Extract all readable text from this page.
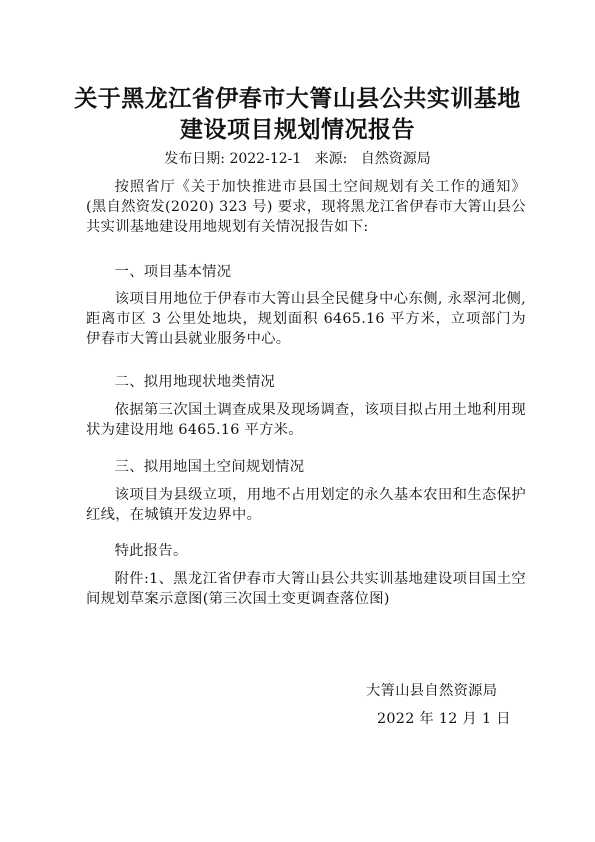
关于黑龙江省伊春市大箐山县公共实训基地
建设项目规划情况报告
发布日期: 2022-12-1 来源: 自然资源局

按照省厅《关于加快推进市县国土空间规划有关工作的通知》(黑自然资发(2020) 323 号) 要求，现将黑龙江省伊春市大箐山县公共实训基地建设用地规划有关情况报告如下:

一、项目基本情况

该项目用地位于伊春市大箐山县全民健身中心东侧, 永翠河北侧, 距离市区 3 公里处地块，规划面积 6465.16 平方米，立项部门为伊春市大箐山县就业服务中心。

二、拟用地现状地类情况

依据第三次国土调查成果及现场调查，该项目拟占用土地利用现状为建设用地 6465.16 平方米。

三、拟用地国土空间规划情况

该项目为县级立项，用地不占用划定的永久基本农田和生态保护红线，在城镇开发边界中。

特此报告。

附件:1、黑龙江省伊春市大箐山县公共实训基地建设项目国土空间规划草案示意图(第三次国土变更调查落位图)

大箐山县自然资源局
2022 年 12 月 1 日
